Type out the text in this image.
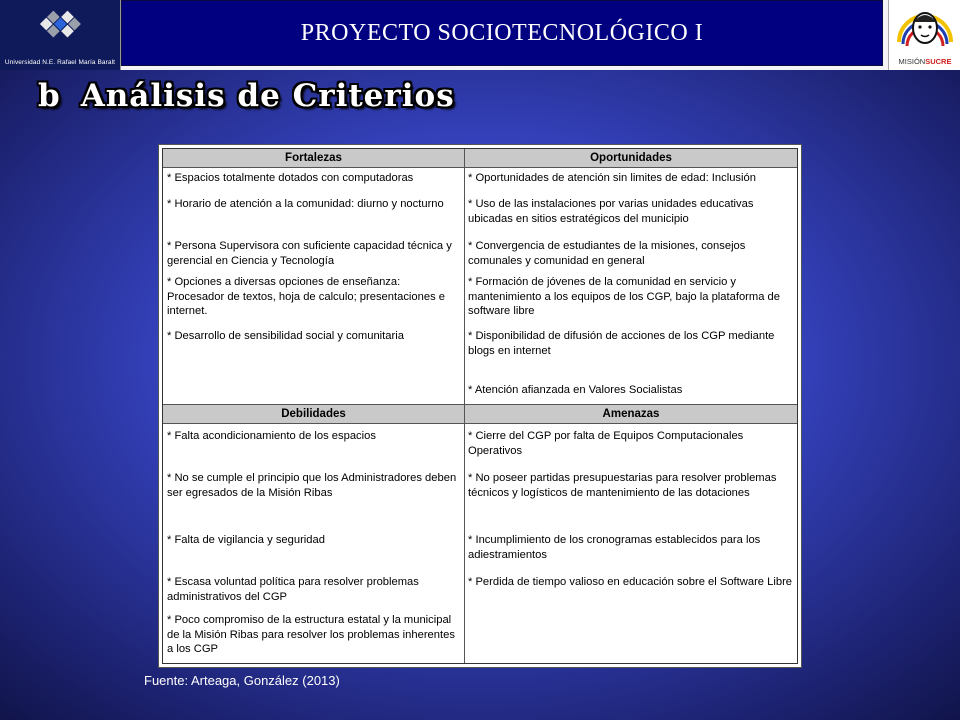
Universidad N.E. Rafael María Baralt
PROYECTO SOCIOTECNOLÓGICO I
MISIÓNSUCRE
b Análisis de Criterios
Fortalezas	Oportunidades
Debilidades	Amenazas

* Espacios totalmente dotados con computadoras

* Horario de atención a la comunidad: diurno y nocturno

* Persona Supervisora con suficiente capacidad técnica y gerencial en Ciencia y Tecnología

* Opciones a diversas opciones de enseñanza: Procesador de textos, hoja de calculo; presentaciones e internet.

* Desarrollo de sensibilidad social y comunitaria

* Oportunidades de atención sin limites de edad: Inclusión

* Uso de las instalaciones por varias unidades educativas ubicadas en sitios estratégicos del municipio

* Convergencia de estudiantes de la misiones, consejos comunales y comunidad en general

* Formación de jóvenes de la comunidad en servicio y mantenimiento a los equipos de los CGP, bajo la plataforma de software libre

* Disponibilidad de difusión de acciones de los CGP mediante blogs en internet

* Atención afianzada en Valores Socialistas

* Falta acondicionamiento de los espacios

* No se cumple el principio que los Administradores deben ser egresados de la Misión Ribas

* Falta de vigilancia y seguridad

* Escasa voluntad política para resolver problemas administrativos del CGP

* Poco compromiso de la estructura estatal y la municipal de la Misión Ribas para resolver los problemas inherentes a los CGP

* Cierre del CGP por falta de Equipos Computacionales Operativos

* No poseer partidas presupuestarias para resolver problemas técnicos y logísticos de mantenimiento de las dotaciones

* Incumplimiento de los cronogramas establecidos para los adiestramientos

* Perdida de tiempo valioso en educación sobre el Software Libre

Fuente: Arteaga, González (2013)
